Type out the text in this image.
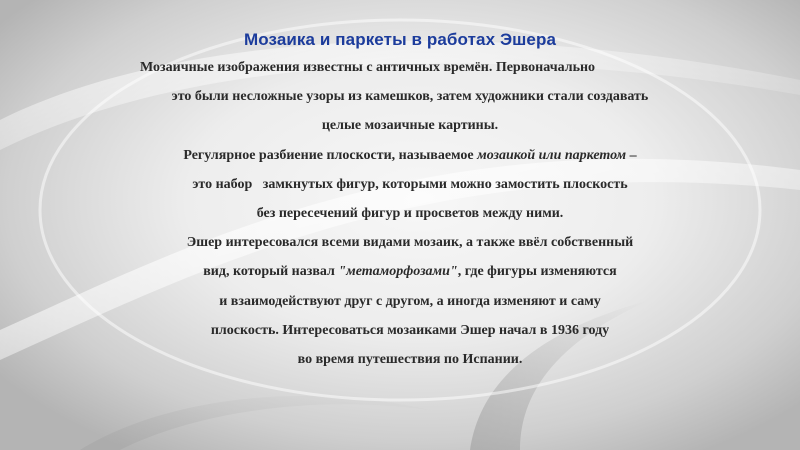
Мозаика и паркеты в работах Эшера
Мозаичные изображения известны с античных времён. Первоначально
это были несложные узоры из камешков, затем художники стали создавать
целые мозаичные картины.
Регулярное разбиение плоскости, называемое мозаикой или паркетом –
это набор   замкнутых фигур, которыми можно замостить плоскость
без пересечений фигур и просветов между ними.
Эшер интересовался всеми видами мозаик, а также ввёл собственный
вид, который назвал "метаморфозами", где фигуры изменяются
и взаимодействуют друг с другом, а иногда изменяют и саму
плоскость. Интересоваться мозаиками Эшер начал в 1936 году
во время путешествия по Испании.
